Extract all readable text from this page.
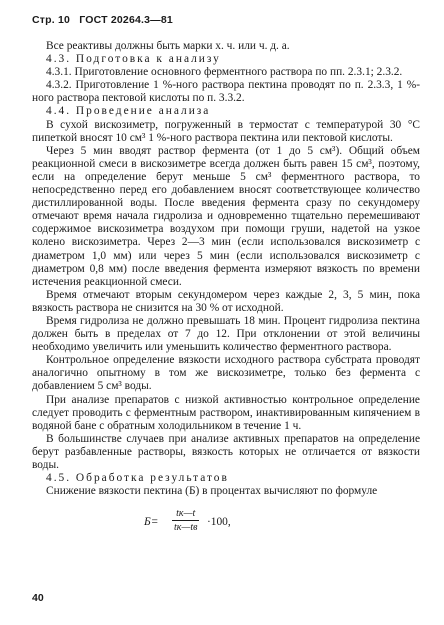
Стр. 10 ГОСТ 20264.3—81

Все реактивы должны быть марки х. ч. или ч. д. а.

4.3. Подготовка к анализу

4.3.1. Приготовление основного ферментного раствора по пп. 2.3.1; 2.3.2.

4.3.2. Приготовление 1 %-ного раствора пектина проводят по п. 2.3.3, 1 %-ного раствора пектовой кислоты по п. 3.3.2.

4.4. Проведение анализа

В сухой вискозиметр, погруженный в термостат с температурой 30 °С пипеткой вносят 10 см³ 1 %-ного раствора пектина или пектовой кислоты.

Через 5 мин вводят раствор фермента (от 1 до 5 см³). Общий объем реакционной смеси в вискозиметре всегда должен быть равен 15 см³, поэтому, если на определение берут меньше 5 см³ ферментного раствора, то непосредственно перед его добавлением вносят соответствующее количество дистиллированной воды. После введения фермента сразу по секундомеру отмечают время начала гидролиза и одновременно тщательно перемешивают содержимое вискозиметра воздухом при помощи груши, надетой на узкое колено вискозиметра. Через 2—3 мин (если использовался вискозиметр с диаметром 1,0 мм) или через 5 мин (если использовался вискозиметр с диаметром 0,8 мм) после введения фермента измеряют вязкость по времени истечения реакционной смеси.

Время отмечают вторым секундомером через каждые 2, 3, 5 мин, пока вязкость раствора не снизится на 30 % от исходной.

Время гидролиза не должно превышать 18 мин. Процент гидролиза пектина должен быть в пределах от 7 до 12. При отклонении от этой величины необходимо увеличить или уменьшить количество ферментного раствора.

Контрольное определение вязкости исходного раствора субстрата проводят аналогично опытному в том же вискозиметре, только без фермента с добавлением 5 см³ воды.

При анализе препаратов с низкой активностью контрольное определение следует проводить с ферментным раствором, инактивированным кипячением в водяной бане с обратным холодильником в течение 1 ч.

В большинстве случаев при анализе активных препаратов на определение берут разбавленные растворы, вязкость которых не отличается от вязкости воды.

4.5. Обработка результатов

Снижение вязкости пектина (Б) в процентах вычисляют по формуле

Б=
tк—t
tк—tв ·100,
40
